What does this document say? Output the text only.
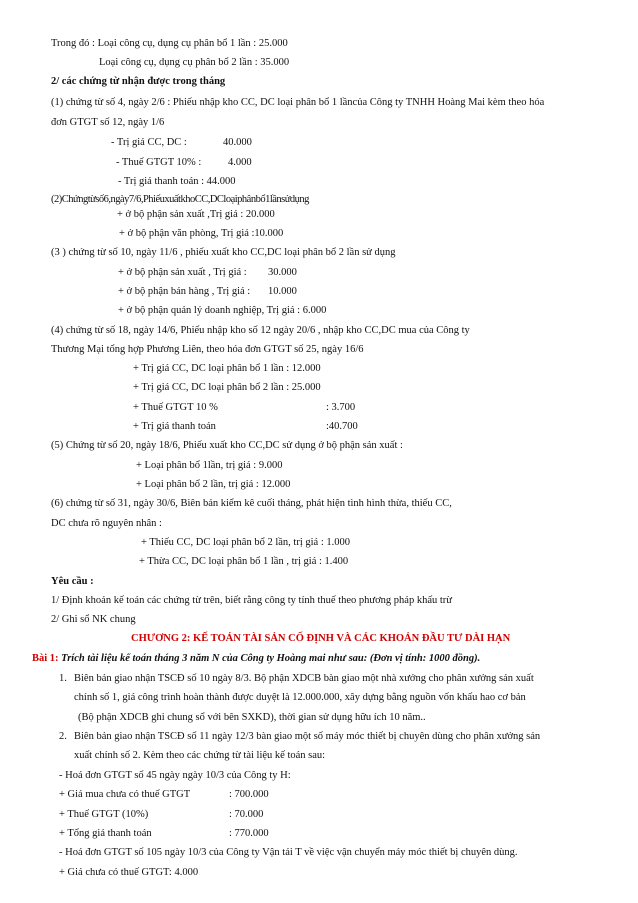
Trong đó : Loại công cụ, dụng cụ phân bổ 1 lần : 25.000
Loại công cụ, dụng cụ phân bổ 2 lần : 35.000
2/ các chứng từ nhận được trong tháng
(1) chứng từ số 4, ngày 2/6 : Phiếu nhập kho CC, DC loại phân bổ 1 lầncủa Công ty TNHH Hoàng Mai kèm theo hóa
đơn GTGT số 12, ngày 1/6
- Trị giá CC, DC :	40.000
- Thuế GTGT 10% :	4.000
- Trị giá thanh toán : 44.000
(2)Chứngtừsố6,ngày7/6,PhiếuxuấtkhoCC,DCloạiphânbổ1lầnsửdụng
+ ở bộ phận sản xuất ,Trị giá : 20.000
+ ở bộ phận văn phòng, Trị giá :10.000
(3 ) chứng từ số 10, ngày 11/6 , phiếu xuất kho CC,DC loại phân bổ 2 lần sử dụng
+ ở bộ phận sản xuất , Trị giá : 30.000
+ ở bộ phận bán hàng , Trị giá : 10.000
+ ở bộ phận quản lý doanh nghiệp, Trị giá : 6.000
(4) chứng từ số 18, ngày 14/6, Phiếu nhập kho số 12 ngày 20/6 , nhập kho CC,DC mua của Công ty
Thương Mại tổng hợp Phương Liên, theo hóa đơn GTGT số 25, ngày 16/6
+ Trị giá CC, DC loại phân bổ 1 lần : 12.000
+ Trị giá CC, DC loại phân bổ 2 lần : 25.000
+ Thuế GTGT 10 %	: 3.700
+ Trị giá thanh toán	:40.700
(5) Chứng từ số 20, ngày 18/6, Phiếu xuất kho CC,DC sử dụng ở bộ phận sản xuất :
+ Loại phân bổ 1lần, trị giá : 9.000
+ Loại phân bổ 2 lần, trị giá : 12.000
(6) chứng từ số 31, ngày 30/6, Biên bản kiểm kê cuối tháng, phát hiện tình hình thừa, thiếu CC,
DC chưa rõ nguyên nhân :
+ Thiếu CC, DC loại phân bổ 2 lần, trị giá : 1.000
+ Thừa CC, DC loại phân bổ 1 lần , trị giá : 1.400
Yêu cầu :
1/ Định khoản kế toán các chứng từ trên, biết rằng công ty tính thuế theo phương pháp khấu trừ
2/ Ghi sổ NK chung
CHƯƠNG 2: KẾ TOÁN TÀI SẢN CỐ ĐỊNH VÀ CÁC KHOẢN ĐẦU TƯ DÀI HẠN
Bài 1: Trích tài liệu kế toán tháng 3 năm N của Công ty Hoàng mai như sau: (Đơn vị tính: 1000 đồng).
1. Biên bản giao nhận TSCĐ số 10 ngày 8/3. Bộ phận XDCB bàn giao một nhà xưởng cho phân xưởng sản xuất
chính số 1, giá công trình hoàn thành được duyệt là 12.000.000, xây dựng bằng nguồn vốn khấu hao cơ bản
(Bộ phận XDCB ghi chung sổ với bên SXKD), thời gian sử dụng hữu ích 10 năm..
2. Biên bản giao nhận TSCĐ số 11 ngày 12/3 bàn giao một số máy móc thiết bị chuyên dùng cho phân xưởng sản
xuất chính số 2. Kèm theo các chứng từ tài liệu kế toán sau:
- Hoá đơn GTGT số 45 ngày ngày 10/3 của Công ty H:
+ Giá mua chưa có thuế GTGT	: 700.000
+ Thuế GTGT (10%)	: 70.000
+ Tổng giá thanh toán	: 770.000
- Hoá đơn GTGT số 105 ngày 10/3 của Công ty Vận tải T về việc vận chuyển máy móc thiết bị chuyên dùng.
+ Giá chưa có thuế GTGT: 4.000
